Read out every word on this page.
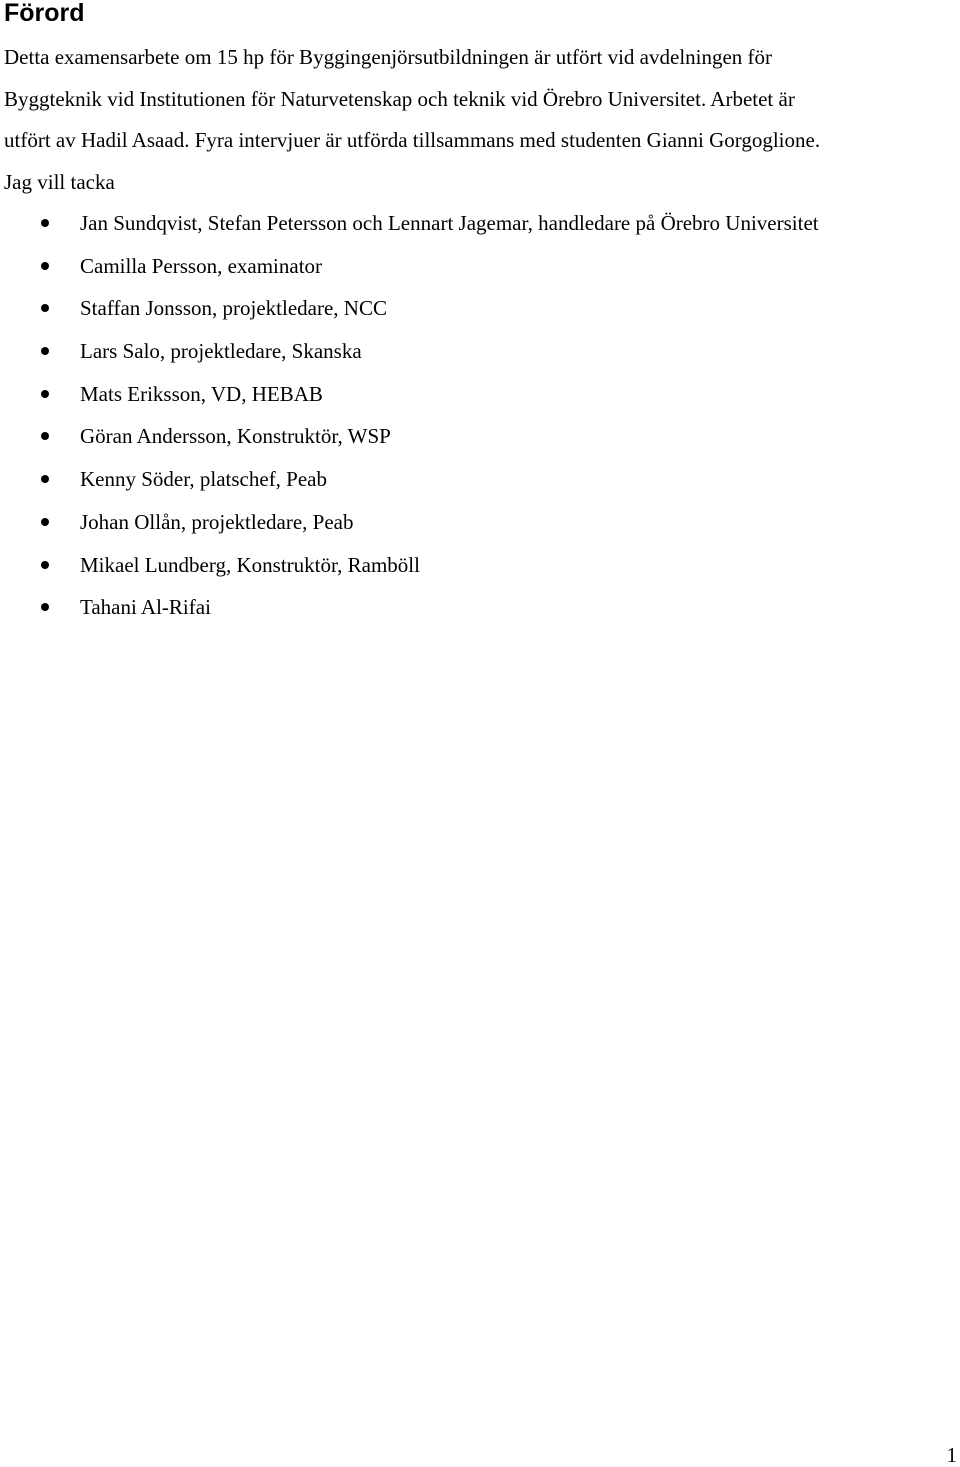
Förord

Detta examensarbete om 15 hp för Byggingenjörsutbildningen är utfört vid avdelningen för
Byggteknik vid Institutionen för Naturvetenskap och teknik vid Örebro Universitet. Arbetet är
utfört av Hadil Asaad. Fyra intervjuer är utförda tillsammans med studenten Gianni Gorgoglione.
Jag vill tacka

Jan Sundqvist, Stefan Petersson och Lennart Jagemar, handledare på Örebro Universitet
Camilla Persson, examinator
Staffan Jonsson, projektledare, NCC
Lars Salo, projektledare, Skanska
Mats Eriksson, VD, HEBAB
Göran Andersson, Konstruktör, WSP
Kenny Söder, platschef, Peab
Johan Ollån, projektledare, Peab
Mikael Lundberg, Konstruktör, Ramböll
Tahani Al-Rifai
1
